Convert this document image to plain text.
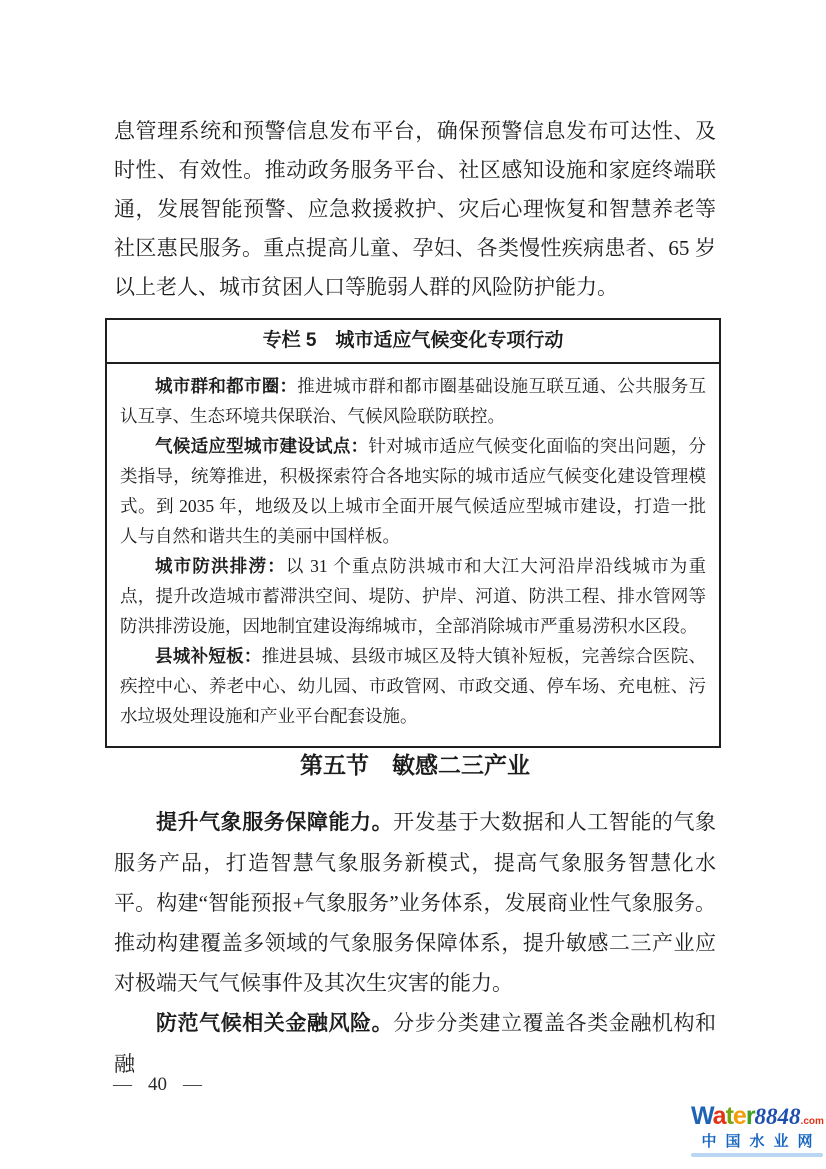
息管理系统和预警信息发布平台，确保预警信息发布可达性、及时性、有效性。推动政务服务平台、社区感知设施和家庭终端联通，发展智能预警、应急救援救护、灾后心理恢复和智慧养老等社区惠民服务。重点提高儿童、孕妇、各类慢性疾病患者、65 岁以上老人、城市贫困人口等脆弱人群的风险防护能力。
专栏 5　城市适应气候变化专项行动

城市群和都市圈：推进城市群和都市圈基础设施互联互通、公共服务互认互享、生态环境共保联治、气候风险联防联控。

气候适应型城市建设试点：针对城市适应气候变化面临的突出问题，分类指导，统筹推进，积极探索符合各地实际的城市适应气候变化建设管理模式。到 2035 年，地级及以上城市全面开展气候适应型城市建设，打造一批人与自然和谐共生的美丽中国样板。

城市防洪排涝：以 31 个重点防洪城市和大江大河沿岸沿线城市为重点，提升改造城市蓄滞洪空间、堤防、护岸、河道、防洪工程、排水管网等防洪排涝设施，因地制宜建设海绵城市，全部消除城市严重易涝积水区段。

县城补短板：推进县城、县级市城区及特大镇补短板，完善综合医院、疾控中心、养老中心、幼儿园、市政管网、市政交通、停车场、充电桩、污水垃圾处理设施和产业平台配套设施。

第五节　敏感二三产业

提升气象服务保障能力。开发基于大数据和人工智能的气象服务产品，打造智慧气象服务新模式，提高气象服务智慧化水平。构建“智能预报+气象服务”业务体系，发展商业性气象服务。推动构建覆盖多领域的气象服务保障体系，提升敏感二三产业应对极端天气气候事件及其次生灾害的能力。

防范气候相关金融风险。分步分类建立覆盖各类金融机构和融

— 40 —
Water8848.com
中国水业网
